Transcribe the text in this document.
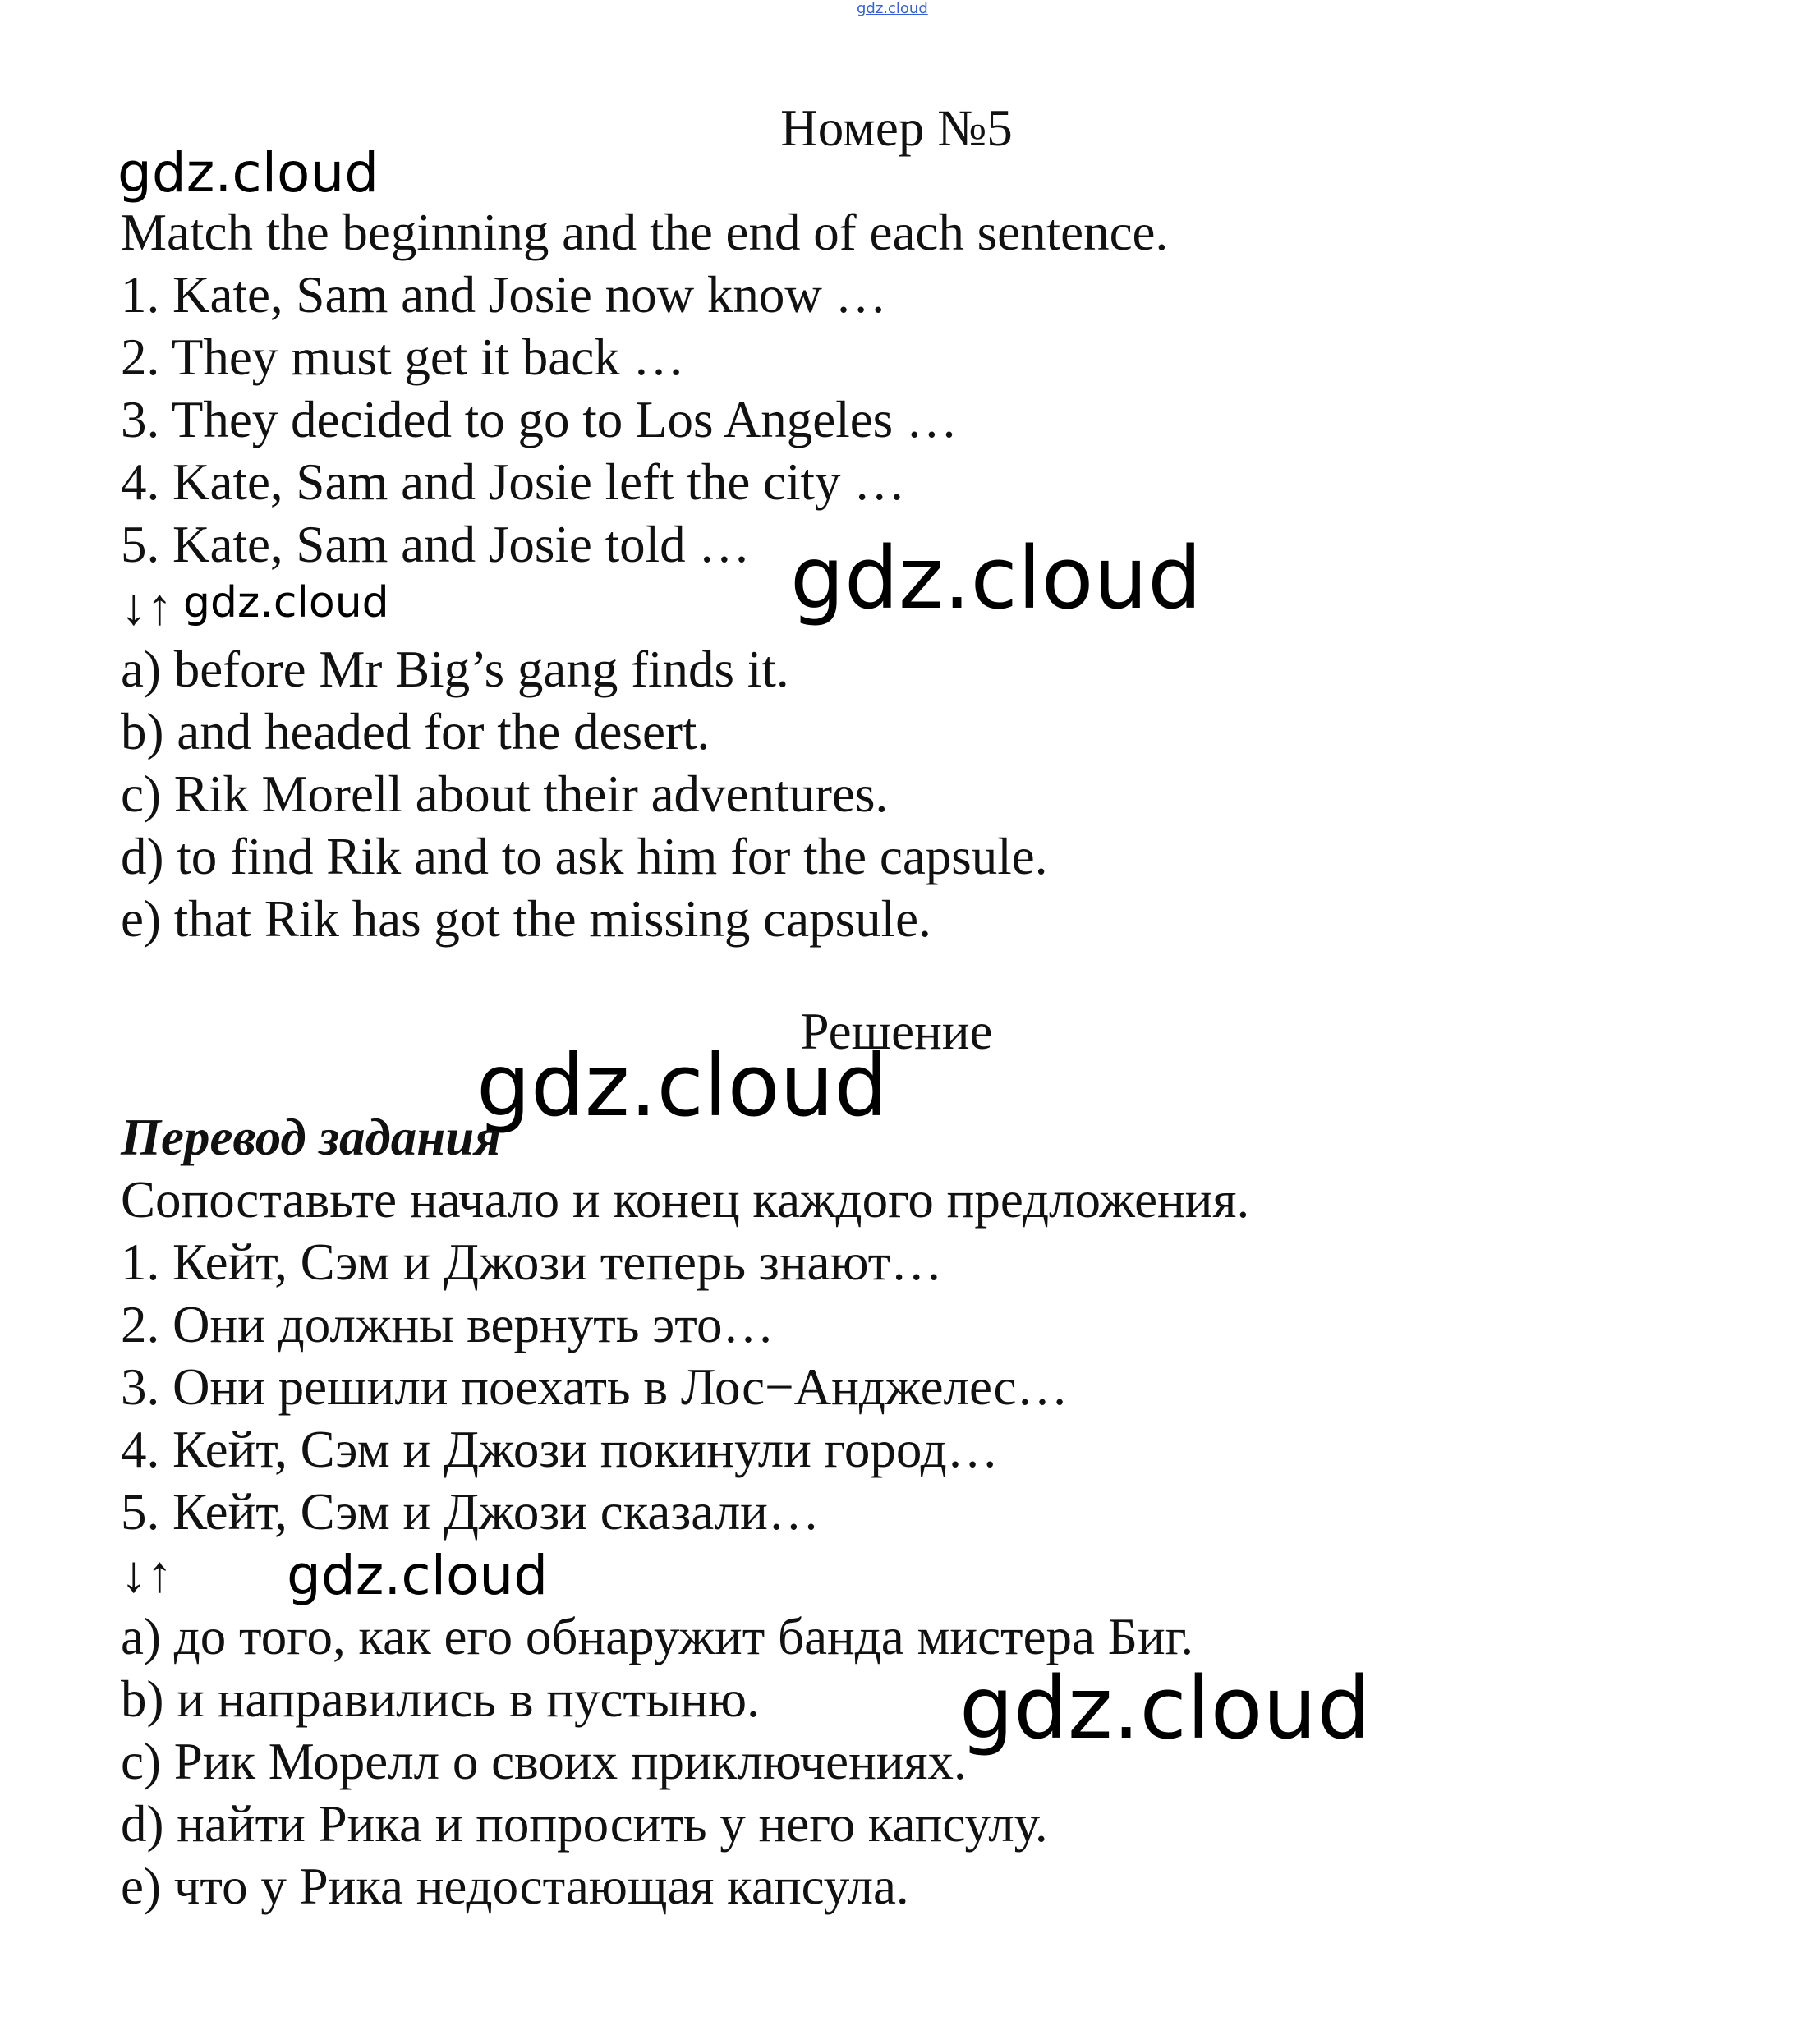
gdz.cloud
Номер №5
gdz.cloud
Match the beginning and the end of each sentence.
1. Kate, Sam and Josie now know …
2. They must get it back …
3. They decided to go to Los Angeles …
4. Kate, Sam and Josie left the city …
5. Kate, Sam and Josie told … gdz.cloud
↓↑ gdz.cloud
a) before Mr Big’s gang finds it.
b) and headed for the desert.
c) Rik Morell about their adventures.
d) to find Rik and to ask him for the capsule.
e) that Rik has got the missing capsule.
Решение
gdz.cloud
Перевод задания
Сопоставьте начало и конец каждого предложения.
1. Кейт, Сэм и Джози теперь знают…
2. Они должны вернуть это…
3. Они решили поехать в Лос−Анджелес…
4. Кейт, Сэм и Джози покинули город…
5. Кейт, Сэм и Джози сказали…
↓↑ gdz.cloud
a) до того, как его обнаружит банда мистера Биг.
b) и направились в пустыню. gdz.cloud
c) Рик Морелл о своих приключениях.
d) найти Рика и попросить у него капсулу.
e) что у Рика недостающая капсула.
